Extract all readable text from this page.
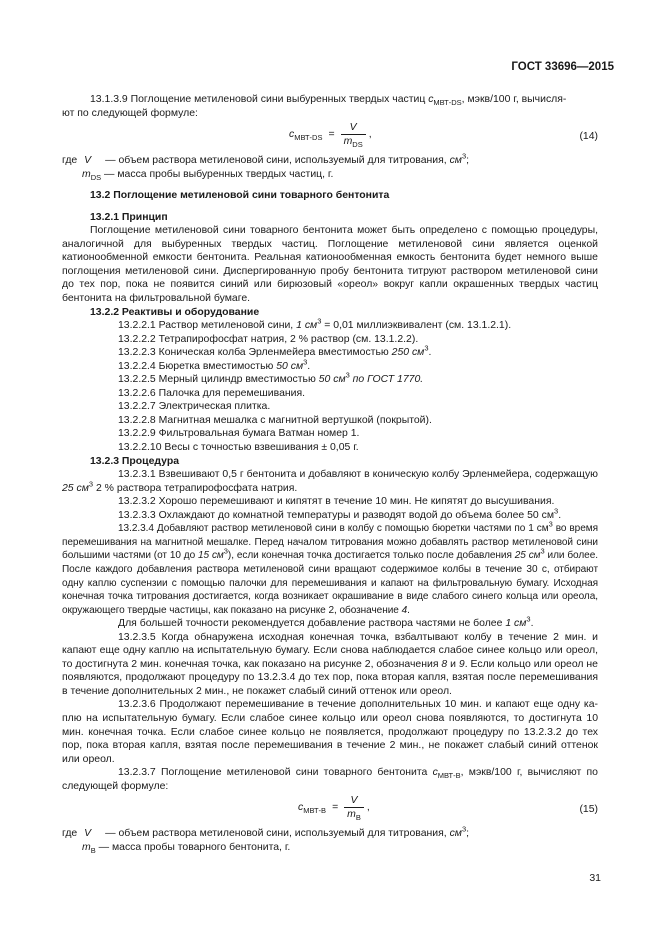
ГОСТ 33696—2015

13.1.3.9 Поглощение метиленовой сини выбуренных твердых частиц $c_{МВТ-DS}$, мэкв/100 г, вычисля-

ют по следующей формуле:

$c_{МВТ-DS} = \frac{V}{m_{DS}}$ ,	(14)
где
V	— объем раствора метиленовой сини, используемый для титрования, $см^3$;
$m_{DS}$ — масса пробы выбуренных твердых частиц, г.

13.2 Поглощение метиленовой сини товарного бентонита

13.2.1 Принцип

Поглощение метиленовой сини товарного бентонита может быть определено с помощью процедуры, аналогичной для выбуренных твердых частиц. Поглощение метиленовой сини является оценкой катионообменной емкости бентонита. Реальная катионообменная емкость бентонита будет немного выше поглощения метиленовой сини. Диспергированную пробу бентонита титруют раствором метиленовой сини до тех пор, пока не появится синий или бирюзовый «ореол» вокруг капли окрашенных твердых частиц бентонита на фильтровальной бумаге.

13.2.2 Реактивы и оборудование

13.2.2.1 Раствор метиленовой сини, 1 $см^3 = 0,01$ миллиэквивалент (см. 13.1.2.1).

13.2.2.2 Тетрапирофосфат натрия, 2 % раствор (см. 13.1.2.2).

13.2.2.3 Коническая колба Эрленмейера вместимостью 250 $см^3$.

13.2.2.4 Бюретка вместимостью 50 $см^3$.

13.2.2.5 Мерный цилиндр вместимостью 50 $см^3$ по ГОСТ 1770.

13.2.2.6 Палочка для перемешивания.

13.2.2.7 Электрическая плитка.

13.2.2.8 Магнитная мешалка с магнитной вертушкой (покрытой).

13.2.2.9 Фильтровальная бумага Ватман номер 1.

13.2.2.10 Весы с точностью взвешивания ± 0,05 г.

13.2.3 Процедура

13.2.3.1 Взвешивают 0,5 г бентонита и добавляют в коническую колбу Эрленмейера, содержащую 25 $см^3$ 2 % раствора тетрапирофосфата натрия.

13.2.3.2 Хорошо перемешивают и кипятят в течение 10 мин. Не кипятят до высушивания.

13.2.3.3 Охлаждают до комнатной температуры и разводят водой до объема более 50 $см^3$.

13.2.3.4 Добавляют раствор метиленовой сини в колбу с помощью бюретки частями по 1 $см^3$ во время перемешивания на магнитной мешалке. Перед началом титрования можно добавлять раствор метиленовой сини большими частями (от 10 до 15 $см^3$), если конечная точка достигается только после добавления 25 $см^3$ или более. После каждого добавления раствора метиленовой сини вращают содержимое колбы в течение 30 с, отбирают одну каплю суспензии с помощью палочки для перемешивания и капают на фильтровальную бумагу. Исходная конечная точка титрования достигается, когда возникает окрашивание в виде слабого синего кольца или ореола, окружающего твердые частицы, как показано на рисунке 2, обозначение 4.

Для большей точности рекомендуется добавление раствора частями не более 1 $см^3$.

13.2.3.5 Когда обнаружена исходная конечная точка, взбалтывают колбу в течение 2 мин. и капают еще одну каплю на испытательную бумагу. Если снова наблюдается слабое синее кольцо или ореол, то достигнута 2 мин. конечная точка, как показано на рисунке 2, обозначения 8 и 9. Если кольцо или ореол не появляются, продолжают процедуру по 13.2.3.4 до тех пор, пока вторая капля, взятая после перемешивания в течение дополнительных 2 мин., не покажет слабый синий оттенок или ореол.

13.2.3.6 Продолжают перемешивание в течение дополнительных 10 мин. и капают еще одну каплю на испытательную бумагу. Если слабое синее кольцо или ореол снова появляются, то достигнута 10 мин. конечная точка. Если слабое синее кольцо не появляется, продолжают процедуру по 13.2.3.2 до тех пор, пока вторая капля, взятая после перемешивания в течение 2 мин., не покажет слабый синий оттенок или ореол.

13.2.3.7 Поглощение метиленовой сини товарного бентонита $c_{МВТ-В}$, мэкв/100 г, вычисляют по следующей формуле:

$c_{МВТ-В} = \frac{V}{m_B}$ ,	(15)
где
V	— объем раствора метиленовой сини, используемый для титрования, $см^3$;
$m_B$ — масса пробы товарного бентонита, г.
31
